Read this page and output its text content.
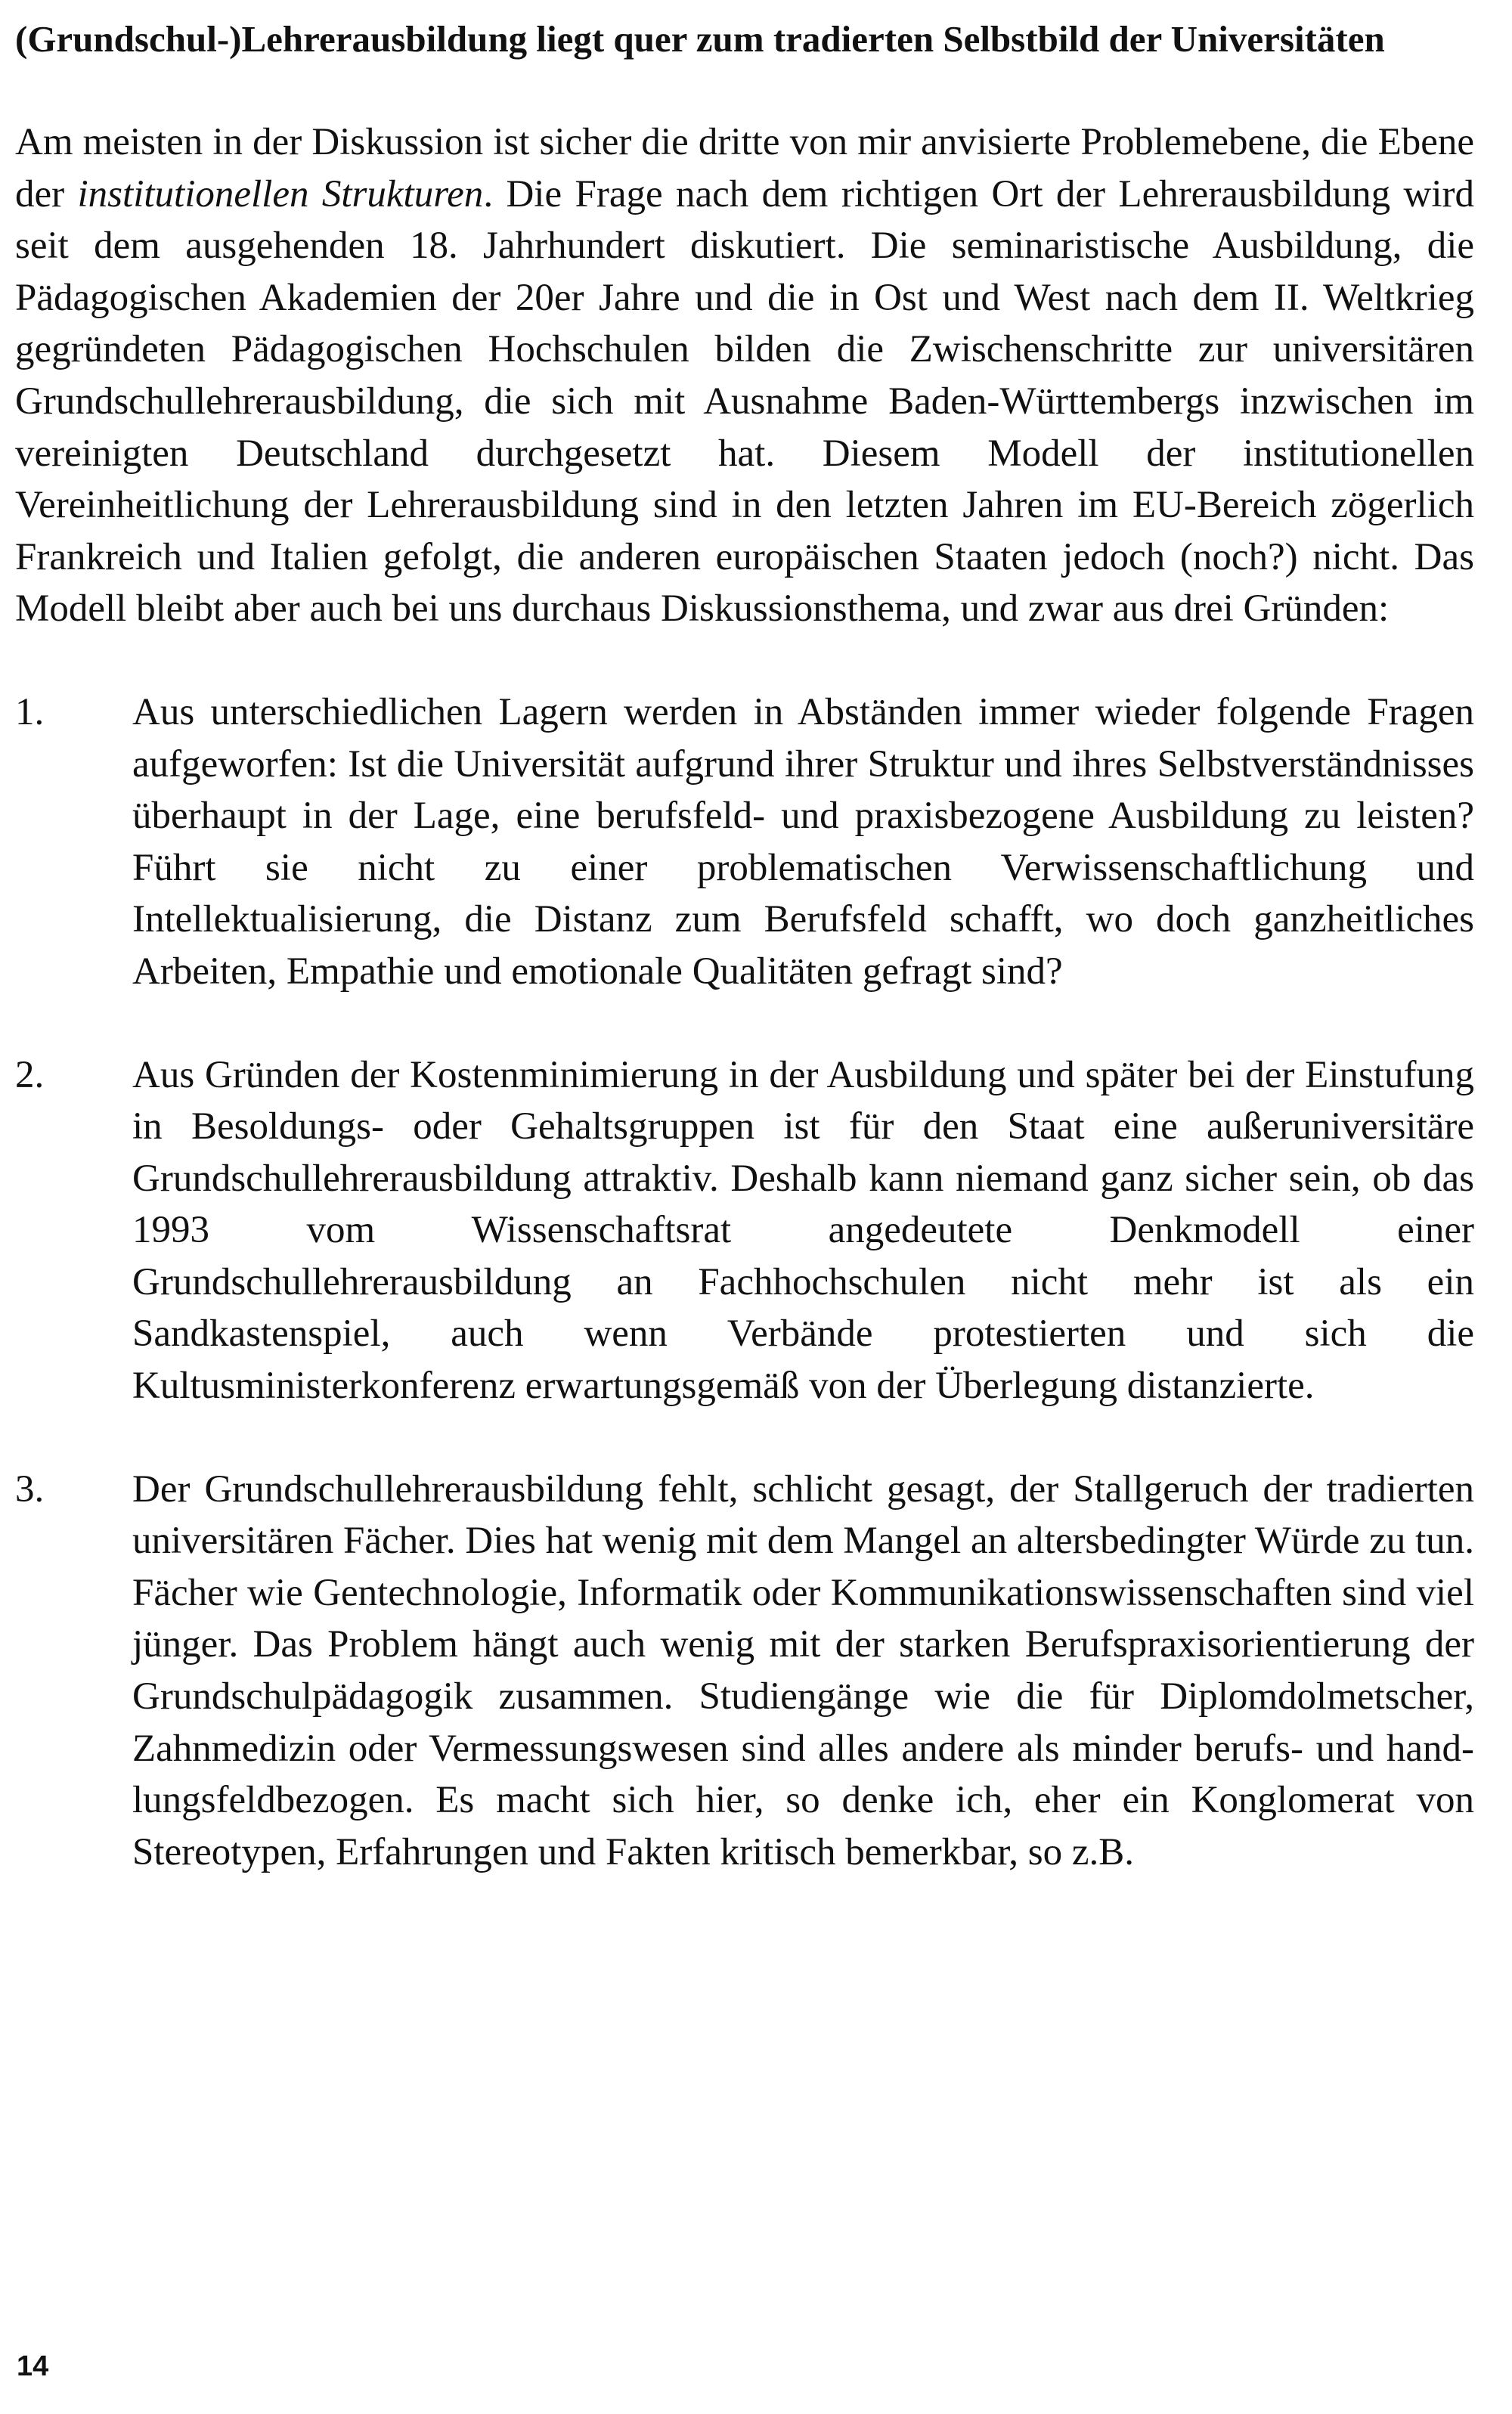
(Grundschul-)Lehrerausbildung liegt quer zum tradierten Selbstbild der Universitäten

Am meisten in der Diskussion ist sicher die dritte von mir anvisierte Problemebene, die Ebene der institutionellen Strukturen. Die Frage nach dem richtigen Ort der Lehrerausbildung wird seit dem ausgehenden 18. Jahrhundert diskutiert. Die seminaristische Ausbildung, die Pädagogischen Akademien der 20er Jahre und die in Ost und West nach dem II. Weltkrieg gegründeten Pädagogischen Hochschulen bilden die Zwischenschritte zur universitären Grundschullehrerausbildung, die sich mit Ausnahme Baden-Württembergs inzwischen im vereinigten Deutschland durchgesetzt hat. Diesem Modell der institutionellen Vereinheitlichung der Lehrerausbildung sind in den letzten Jahren im EU-Bereich zögerlich Frankreich und Italien gefolgt, die anderen europäischen Staaten jedoch (noch?) nicht. Das Modell bleibt aber auch bei uns durchaus Diskussionsthema, und zwar aus drei Gründen:

1. Aus unterschiedlichen Lagern werden in Abständen immer wieder folgende Fragen aufgeworfen: Ist die Universität aufgrund ihrer Struktur und ihres Selbstverständnisses überhaupt in der Lage, eine berufsfeld- und praxisbezogene Ausbildung zu leisten? Führt sie nicht zu einer problematischen Verwissenschaftlichung und Intellektualisierung, die Distanz zum Berufsfeld schafft, wo doch ganzheitliches Arbeiten, Empathie und emotionale Qualitäten gefragt sind?
2. Aus Gründen der Kostenminimierung in der Ausbildung und später bei der Einstufung in Besoldungs- oder Gehaltsgruppen ist für den Staat eine außeruniversitäre Grundschullehrerausbildung attraktiv. Deshalb kann niemand ganz sicher sein, ob das 1993 vom Wissenschaftsrat angedeutete Denkmodell einer Grundschullehrerausbildung an Fachhochschulen nicht mehr ist als ein Sandkastenspiel, auch wenn Verbände protestierten und sich die Kultusministerkonferenz erwartungsgemäß von der Überlegung distanzierte.
3. Der Grundschullehrerausbildung fehlt, schlicht gesagt, der Stallgeruch der tradierten universitären Fächer. Dies hat wenig mit dem Mangel an altersbedingter Würde zu tun. Fächer wie Gentechnologie, Informatik oder Kommunikationswissenschaften sind viel jünger. Das Problem hängt auch wenig mit der starken Berufspraxisorientierung der Grundschulpädagogik zusammen. Studiengänge wie die für Diplomdolmetscher, Zahnmedizin oder Vermessungswesen sind alles andere als minder berufs- und handlungsfeldbezogen. Es macht sich hier, so denke ich, eher ein Konglomerat von Stereotypen, Erfahrungen und Fakten kritisch bemerkbar, so z.B.
14
